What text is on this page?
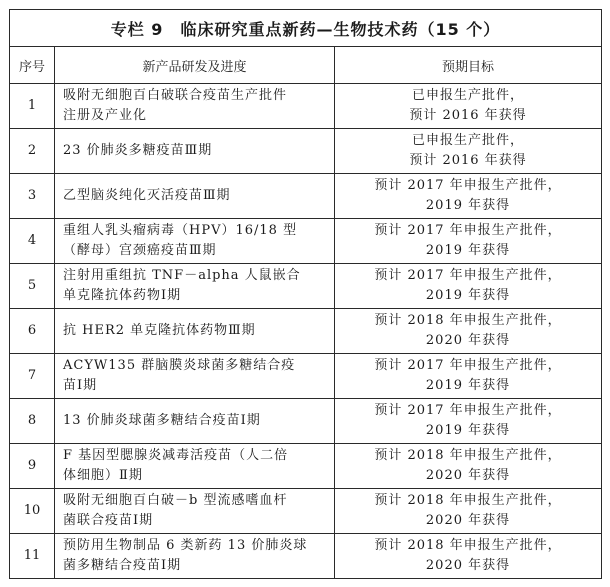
专栏 9　临床研究重点新药—生物技术药（15 个）		
序号	新产品研发及进度	预期目标
1	吸附无细胞百白破联合疫苗生产批件
注册及产业化	已申报生产批件，
预计 2016 年获得

2	23 价肺炎多糖疫苗Ⅲ期	已申报生产批件，
预计 2016 年获得

3	乙型脑炎纯化灭活疫苗Ⅲ期	预计 2017 年申报生产批件，
2019 年获得

4	重组人乳头瘤病毒（HPV）16/18 型
（酵母）宫颈癌疫苗Ⅲ期	预计 2017 年申报生产批件，
2019 年获得

5	注射用重组抗 TNF－alpha 人鼠嵌合
单克隆抗体药物Ⅰ期	预计 2017 年申报生产批件，
2019 年获得

6	抗 HER2 单克隆抗体药物Ⅲ期	预计 2018 年申报生产批件，
2020 年获得

7	ACYW135 群脑膜炎球菌多糖结合疫
苗Ⅰ期	预计 2017 年申报生产批件，
2019 年获得

8	13 价肺炎球菌多糖结合疫苗Ⅰ期	预计 2017 年申报生产批件，
2019 年获得

9	F 基因型腮腺炎减毒活疫苗（人二倍
体细胞）Ⅱ期	预计 2018 年申报生产批件，
2020 年获得

10	吸附无细胞百白破－b 型流感嗜血杆
菌联合疫苗Ⅰ期	预计 2018 年申报生产批件，
2020 年获得

11	预防用生物制品 6 类新药 13 价肺炎球
菌多糖结合疫苗Ⅰ期	预计 2018 年申报生产批件，
2020 年获得
